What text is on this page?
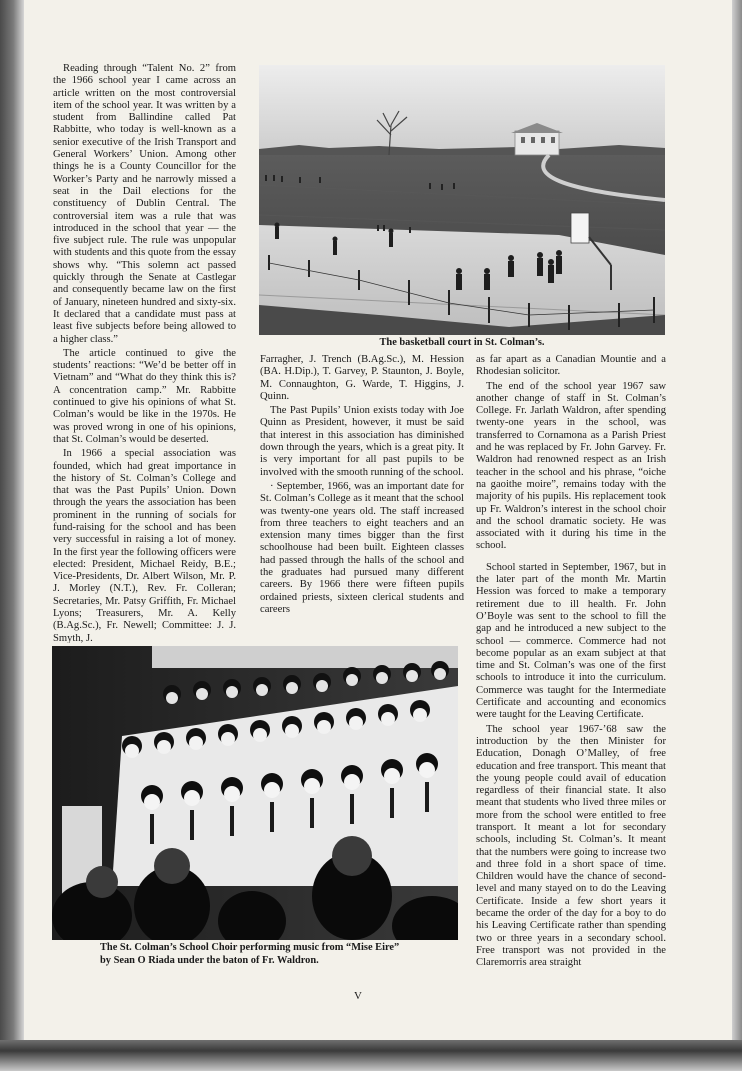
Reading through “Talent No. 2” from the 1966 school year I came across an article written on the most controversial item of the school year. It was written by a student from Ballindine called Pat Rabbitte, who today is well-known as a senior executive of the Irish Transport and General Workers’ Union. Among other things he is a County Councillor for the Worker’s Party and he narrowly missed a seat in the Dail elections for the constituency of Dublin Central. The controversial item was a rule that was introduced in the school that year — the five subject rule. The rule was unpopular with students and this quote from the essay shows why. “This solemn act passed quickly through the Senate at Castlegar and consequently became law on the first of January, nineteen hundred and sixty-six. It declared that a candidate must pass at least five subjects before being allowed to a higher class.”

The article continued to give the students’ reactions: “We’d be better off in Vietnam” and “What do they think this is? A concentration camp.” Mr. Rabbitte continued to give his opinions of what St. Colman’s would be like in the 1970s. He was proved wrong in one of his opinions, that St. Colman’s would be deserted.

In 1966 a special association was founded, which had great importance in the history of St. Colman’s College and that was the Past Pupils’ Union. Down through the years the association has been prominent in the running of socials for fund-raising for the school and has been very successful in raising a lot of money. In the first year the following officers were elected: President, Michael Reidy, B.E.; Vice-Presidents, Dr. Albert Wilson, Mr. P. J. Morley (N.T.), Rev. Fr. Colleran; Secretaries, Mr. Patsy Griffith, Fr. Michael Lyons; Treasurers, Mr. A. Kelly (B.Ag.Sc.), Fr. Newell; Committee: J. J. Smyth, J.

The basketball court in St. Colman’s.

Farragher, J. Trench (B.Ag.Sc.), M. Hession (BA. H.Dip.), T. Garvey, P. Staunton, J. Boyle, M. Connaughton, G. Warde, T. Higgins, J. Quinn.

The Past Pupils’ Union exists today with Joe Quinn as President, however, it must be said that interest in this association has diminished down through the years, which is a great pity. It is very important for all past pupils to be involved with the smooth running of the school.

· September, 1966, was an important date for St. Colman’s College as it meant that the school was twenty-one years old. The staff increased from three teachers to eight teachers and an extension many times bigger than the first schoolhouse had been built. Eighteen classes had passed through the halls of the school and the graduates had pursued many different careers. By 1966 there were fifteen pupils ordained priests, sixteen clerical students and careers

as far apart as a Canadian Mountie and a Rhodesian solicitor.

The end of the school year 1967 saw another change of staff in St. Colman’s College. Fr. Jarlath Waldron, after spending twenty-one years in the school, was transferred to Cornamona as a Parish Priest and he was replaced by Fr. John Garvey. Fr. Waldron had renowned respect as an Irish teacher in the school and his phrase, “oiche na gaoithe moire”, remains today with the majority of his pupils. His replacement took up Fr. Waldron’s interest in the school choir and the school dramatic society. He was associated with it during his time in the school.

School started in September, 1967, but in the later part of the month Mr. Martin Hession was forced to make a temporary retirement due to ill health. Fr. John O’Boyle was sent to the school to fill the gap and he introduced a new subject to the school — commerce. Commerce had not become popular as an exam subject at that time and St. Colman’s was one of the first schools to introduce it into the curriculum. Commerce was taught for the Intermediate Certificate and accounting and economics were taught for the Leaving Certificate.

The school year 1967-’68 saw the introduction by the then Minister for Education, Donagh O’Malley, of free education and free transport. This meant that the young people could avail of education regardless of their financial state. It also meant that students who lived three miles or more from the school were entitled to free transport. It meant a lot for secondary schools, including St. Colman’s. It meant that the numbers were going to increase two and three fold in a short space of time. Children would have the chance of second-level and many stayed on to do the Leaving Certificate. Inside a few short years it became the order of the day for a boy to do his Leaving Certificate rather than spending two or three years in a secondary school. Free transport was not provided in the Claremorris area straight

The St. Colman’s School Choir performing music from “Mise Eire”
by Sean O Riada under the baton of Fr. Waldron.
V
